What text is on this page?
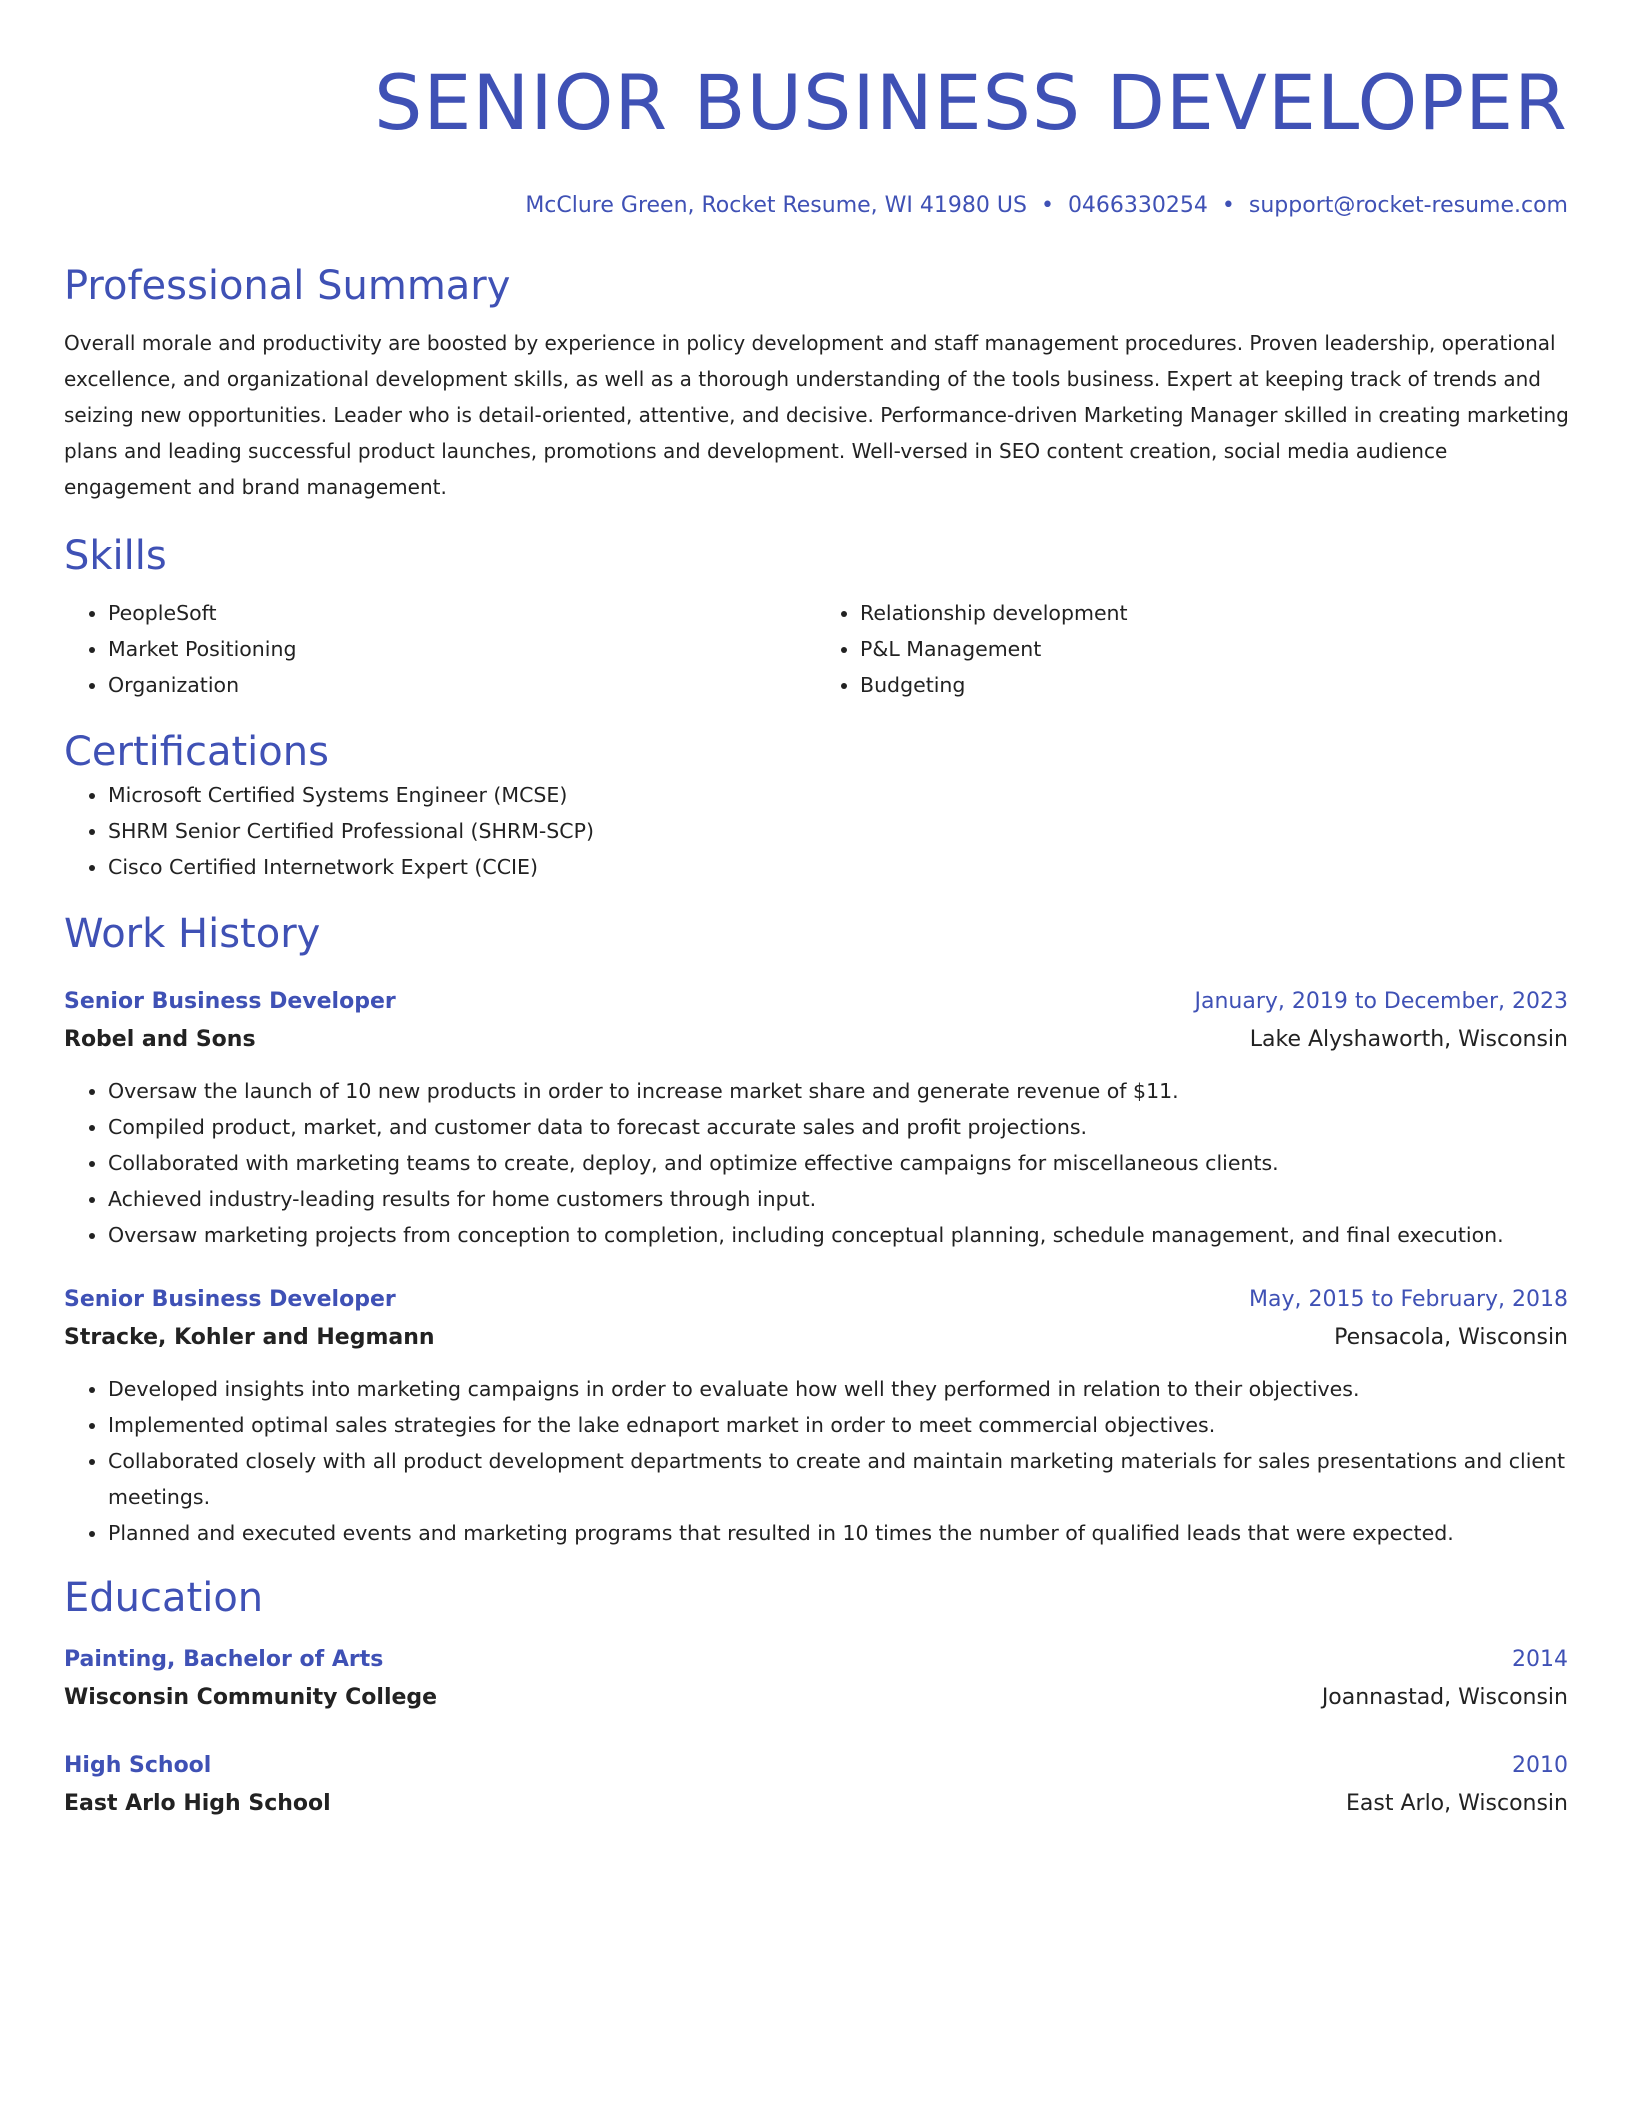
SENIOR BUSINESS DEVELOPER
McClure Green, Rocket Resume, WI 41980 US • 0466330254 • support@rocket-resume.com
Professional Summary
Overall morale and productivity are boosted by experience in policy development and staff management procedures. Proven leadership, operational excellence, and organizational development skills, as well as a thorough understanding of the tools business. Expert at keeping track of trends and seizing new opportunities. Leader who is detail-oriented, attentive, and decisive. Performance-driven Marketing Manager skilled in creating marketing plans and leading successful product launches, promotions and development. Well-versed in SEO content creation, social media audience engagement and brand management.
Skills
• PeopleSoft
• Market Positioning
• Organization
• Relationship development
• P&L Management
• Budgeting
Certifications
• Microsoft Certified Systems Engineer (MCSE)
• SHRM Senior Certified Professional (SHRM-SCP)
• Cisco Certified Internetwork Expert (CCIE)
Work History
Senior Business Developer	January, 2019 to December, 2023
Robel and Sons	Lake Alyshaworth, Wisconsin
• Oversaw the launch of 10 new products in order to increase market share and generate revenue of $11.
• Compiled product, market, and customer data to forecast accurate sales and profit projections.
• Collaborated with marketing teams to create, deploy, and optimize effective campaigns for miscellaneous clients.
• Achieved industry-leading results for home customers through input.
• Oversaw marketing projects from conception to completion, including conceptual planning, schedule management, and final execution.
Senior Business Developer	May, 2015 to February, 2018
Stracke, Kohler and Hegmann	Pensacola, Wisconsin
• Developed insights into marketing campaigns in order to evaluate how well they performed in relation to their objectives.
• Implemented optimal sales strategies for the lake ednaport market in order to meet commercial objectives.
• Collaborated closely with all product development departments to create and maintain marketing materials for sales presentations and client meetings.
• Planned and executed events and marketing programs that resulted in 10 times the number of qualified leads that were expected.
Education
Painting, Bachelor of Arts	2014
Wisconsin Community College	Joannastad, Wisconsin
High School	2010
East Arlo High School	East Arlo, Wisconsin
